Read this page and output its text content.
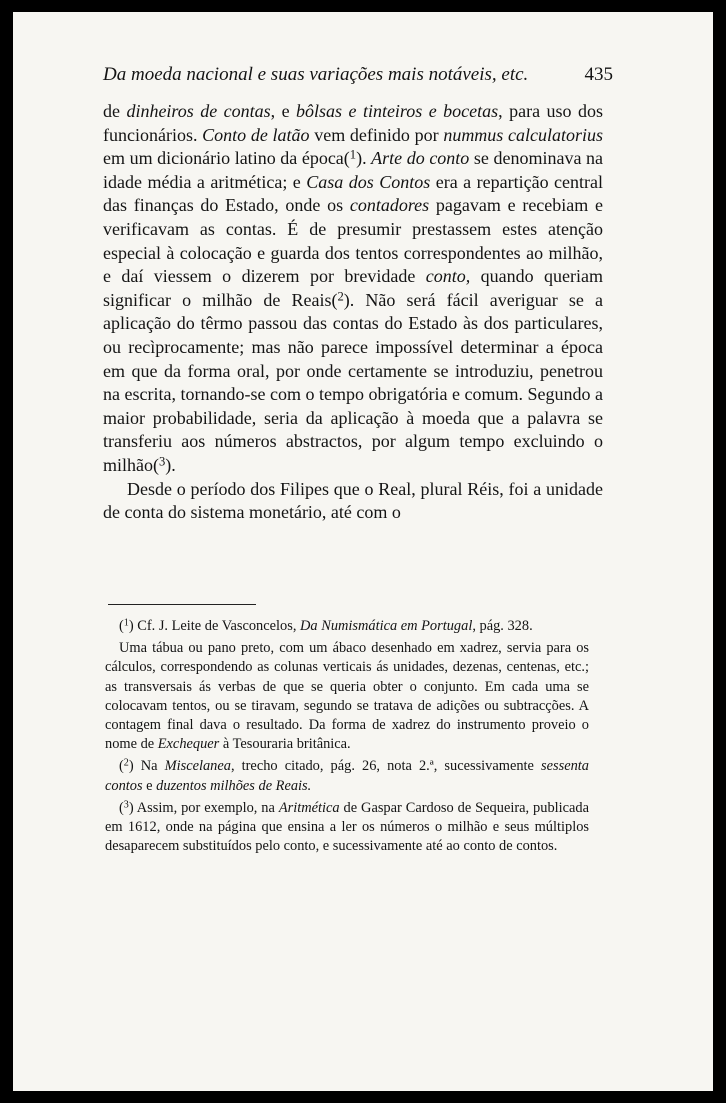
Da moeda nacional e suas variações mais notáveis, etc.	435

de dinheiros de contas, e bôlsas e tinteiros e bocetas, para uso dos funcionários. Conto de latão vem definido por nummus calculatorius em um dicionário latino da época($^1$). Arte do conto se denominava na idade média a aritmética; e Casa dos Contos era a repartição central das finanças do Estado, onde os contadores pagavam e recebiam e verificavam as contas. É de presumir prestassem estes atenção especial à colocação e guarda dos tentos correspondentes ao milhão, e daí viessem o dizerem por brevidade conto, quando queriam significar o milhão de Reais($^2$). Não será fácil averiguar se a aplicação do têrmo passou das contas do Estado às dos particulares, ou recìprocamente; mas não parece impossível determinar a época em que da forma oral, por onde certamente se introduziu, penetrou na escrita, tornando-se com o tempo obrigatória e comum. Segundo a maior probabilidade, seria da aplicação à moeda que a palavra se transferiu aos números abstractos, por algum tempo excluindo o milhão($^3$).

Desde o período dos Filipes que o Real, plural Réis, foi a unidade de conta do sistema monetário, até com o

($^1$) Cf. J. Leite de Vasconcelos, Da Numismática em Portugal, pág. 328.

Uma tábua ou pano preto, com um ábaco desenhado em xadrez, servia para os cálculos, correspondendo as colunas verticais ás unidades, dezenas, centenas, etc.; as transversais ás verbas de que se queria obter o conjunto. Em cada uma se colocavam tentos, ou se tiravam, segundo se tratava de adições ou subtracções. A contagem final dava o resultado. Da forma de xadrez do instrumento proveio o nome de Exchequer à Tesouraria britânica.

($^2$) Na Miscelanea, trecho citado, pág. 26, nota 2.ª, sucessivamente sessenta contos e duzentos milhões de Reais.

($^3$) Assim, por exemplo, na Aritmética de Gaspar Cardoso de Sequeira, publicada em 1612, onde na página que ensina a ler os números o milhão e seus múltiplos desaparecem substituídos pelo conto, e sucessivamente até ao conto de contos.
